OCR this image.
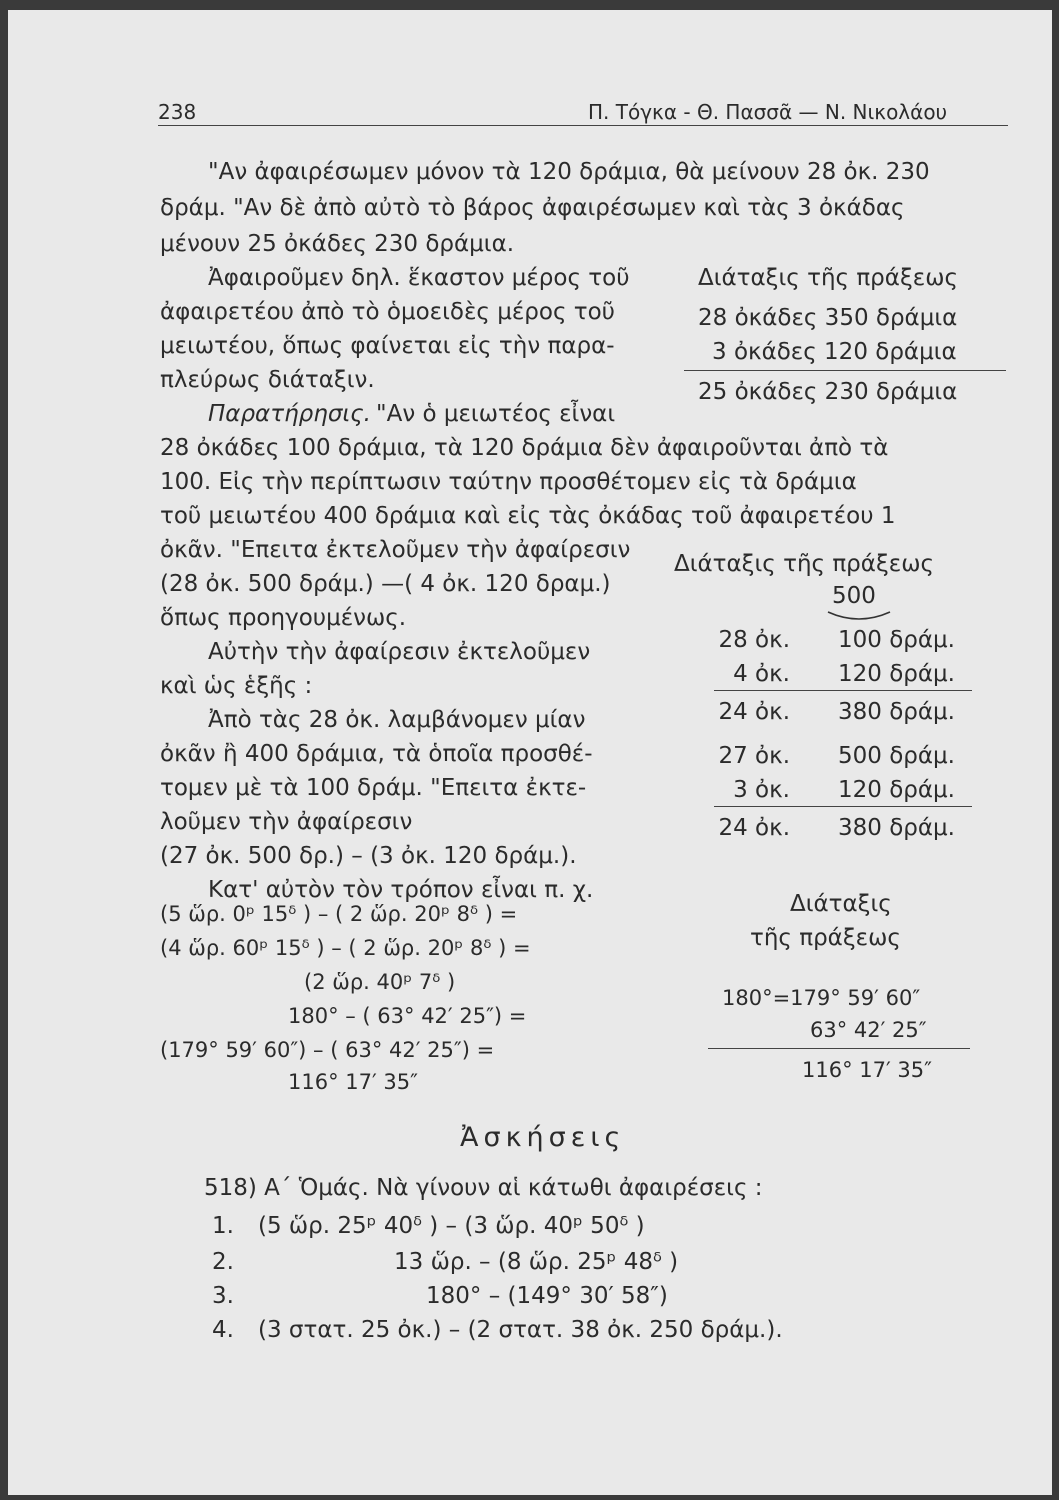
238	Π. Τόγκα - Θ. Πασσᾶ — Ν. Νικολάου
"Αν ἀφαιρέσωμεν μόνον τὰ 120 δράμια, θὰ μείνουν 28 ὀκ. 230
δράμ. "Αν δὲ ἀπὸ αὐτὸ τὸ βάρος ἀφαιρέσωμεν καὶ τὰς 3 ὀκάδας
μένουν 25 ὀκάδες 230 δράμια.
Ἀφαιροῦμεν δηλ. ἕκαστον μέρος τοῦ
ἀφαιρετέου ἀπὸ τὸ ὁμοειδὲς μέρος τοῦ
μειωτέου, ὅπως φαίνεται εἰς τὴν παρα-
πλεύρως διάταξιν.
Παρατήρησις. "Αν ὁ μειωτέος εἶναι
Διάταξις τῆς πράξεως
28 ὀκάδες 350 δράμια
3 ὀκάδες 120 δράμια
25 ὀκάδες 230 δράμια
28 ὀκάδες 100 δράμια, τὰ 120 δράμια δὲν ἀφαιροῦνται ἀπὸ τὰ
100. Εἰς τὴν περίπτωσιν ταύτην προσθέτομεν εἰς τὰ δράμια
τοῦ μειωτέου 400 δράμια καὶ εἰς τὰς ὀκάδας τοῦ ἀφαιρετέου 1
ὀκᾶν. "Επειτα ἐκτελοῦμεν τὴν ἀφαίρεσιν
(28 ὀκ. 500 δράμ.) —( 4 ὀκ. 120 δραμ.)
ὅπως προηγουμένως.
Αὐτὴν τὴν ἀφαίρεσιν ἐκτελοῦμεν
καὶ ὡς ἑξῆς :
Ἀπὸ τὰς 28 ὀκ. λαμβάνομεν μίαν
ὀκᾶν ἢ 400 δράμια, τὰ ὁποῖα προσθέ-
τομεν μὲ τὰ 100 δράμ. "Επειτα ἐκτε-
λοῦμεν τὴν ἀφαίρεσιν
(27 ὀκ. 500 δρ.) – (3 ὀκ. 120 δράμ.).
Κατ' αὐτὸν τὸν τρόπον εἶναι π. χ.
Διάταξις τῆς πράξεως
500
28 ὀκ. 100 δράμ.
4 ὀκ. 120 δράμ.
24 ὀκ. 380 δράμ.
27 ὀκ. 500 δράμ.
3 ὀκ. 120 δράμ.
24 ὀκ. 380 δράμ.
(5 ὥρ. 0ᵖ 15ᵟ ) – ( 2 ὥρ. 20ᵖ 8ᵟ ) =
(4 ὥρ. 60ᵖ 15ᵟ ) – ( 2 ὥρ. 20ᵖ 8ᵟ ) =
(2 ὥρ. 40ᵖ 7ᵟ )
180° – ( 63° 42′ 25″) =
(179° 59′ 60″) – ( 63° 42′ 25″) =
116° 17′ 35″
Διάταξις
τῆς πράξεως
180°=179° 59′ 60″
63° 42′ 25″
116° 17′ 35″
Ἀσκήσεις
518) Α΄ Ὁμάς. Νὰ γίνουν αἱ κάτωθι ἀφαιρέσεις :
1. (5 ὥρ. 25ᵖ 40ᵟ ) – (3 ὥρ. 40ᵖ 50ᵟ )
2.	13 ὥρ. – (8 ὥρ. 25ᵖ 48ᵟ )
3.	180° – (149° 30′ 58″)
4. (3 στατ. 25 ὀκ.) – (2 στατ. 38 ὀκ. 250 δράμ.).
